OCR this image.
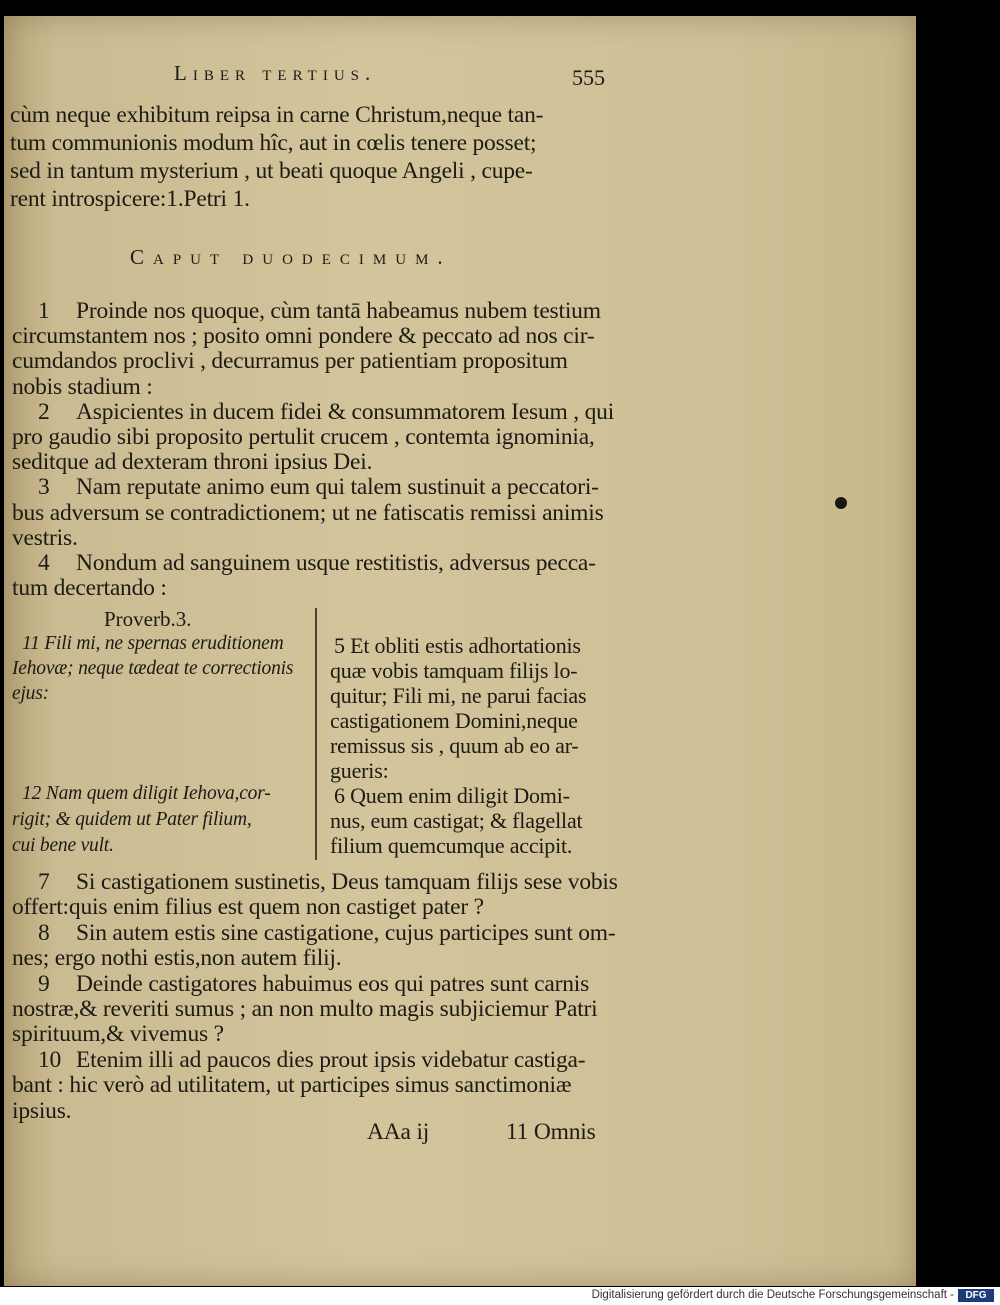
Liber tertius.	555
cùm neque exhibitum reipsa in carne Christum,neque tan-
tum communionis modum hîc, aut in cœlis tenere posset;
sed in tantum mysterium , ut beati quoque Angeli , cupe-
rent introspicere:1.Petri 1.
Caput duodecimum.
1 Proinde nos quoque, cùm tantā habeamus nubem testium
circumstantem nos ; posito omni pondere & peccato ad nos cir-
cumdandos proclivi , decurramus per patientiam propositum
nobis stadium :
2 Aspicientes in ducem fidei & consummatorem Iesum , qui
pro gaudio sibi proposito pertulit crucem , contemta ignominia,
seditque ad dexteram throni ipsius Dei.
3 Nam reputate animo eum qui talem sustinuit a peccatori-
bus adversum se contradictionem; ut ne fatiscatis remissi animis
vestris.
4 Nondum ad sanguinem usque restitistis, adversus pecca-
tum decertando :
Proverb.3.
11 Fili mi, ne spernas eruditionem
Iehovæ; neque tædeat te correctionis
ejus:
12 Nam quem diligit Iehova,cor-
rigit; & quidem ut Pater filium,
cui bene vult.
5 Et obliti estis adhortationis
quæ vobis tamquam filijs lo-
quitur; Fili mi, ne parui facias
castigationem Domini,neque
remissus sis , quum ab eo ar-
gueris:
6 Quem enim diligit Domi-
nus, eum castigat; & flagellat
filium quemcumque accipit.
7 Si castigationem sustinetis, Deus tamquam filijs sese vobis
offert:quis enim filius est quem non castiget pater ?
8 Sin autem estis sine castigatione, cujus participes sunt om-
nes; ergo nothi estis,non autem filij.
9 Deinde castigatores habuimus eos qui patres sunt carnis
nostræ,& reveriti sumus ; an non multo magis subjiciemur Patri
spirituum,& vivemus ?
10 Etenim illi ad paucos dies prout ipsis videbatur castiga-
bant : hic verò ad utilitatem, ut participes simus sanctimoniæ
ipsius.
AAa ij	11 Omnis
Digitalisierung gefördert durch die Deutsche Forschungsgemeinschaft -	DFG
